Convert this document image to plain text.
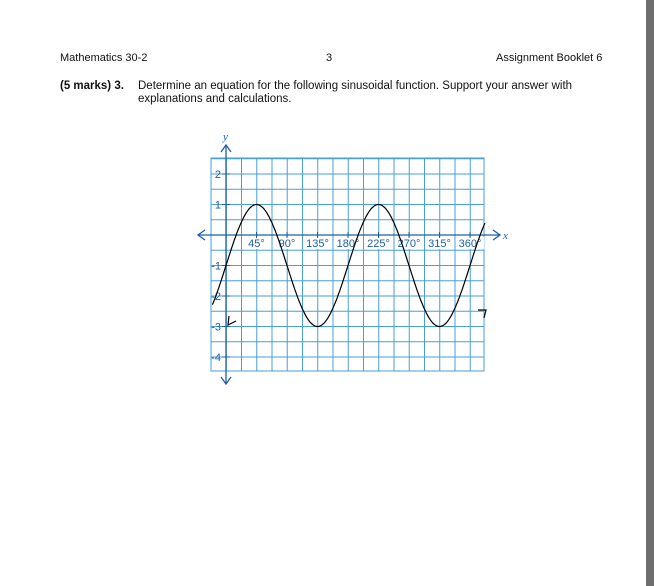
Mathematics 30-2	3	Assignment Booklet 6
(5 marks) 3. Determine an equation for the following sinusoidal function. Support your answer with explanations and calculations.
x
y
45° 90° 135° 180° 225° 270° 315° 360°
2
1
-1
-2
-3
-4
